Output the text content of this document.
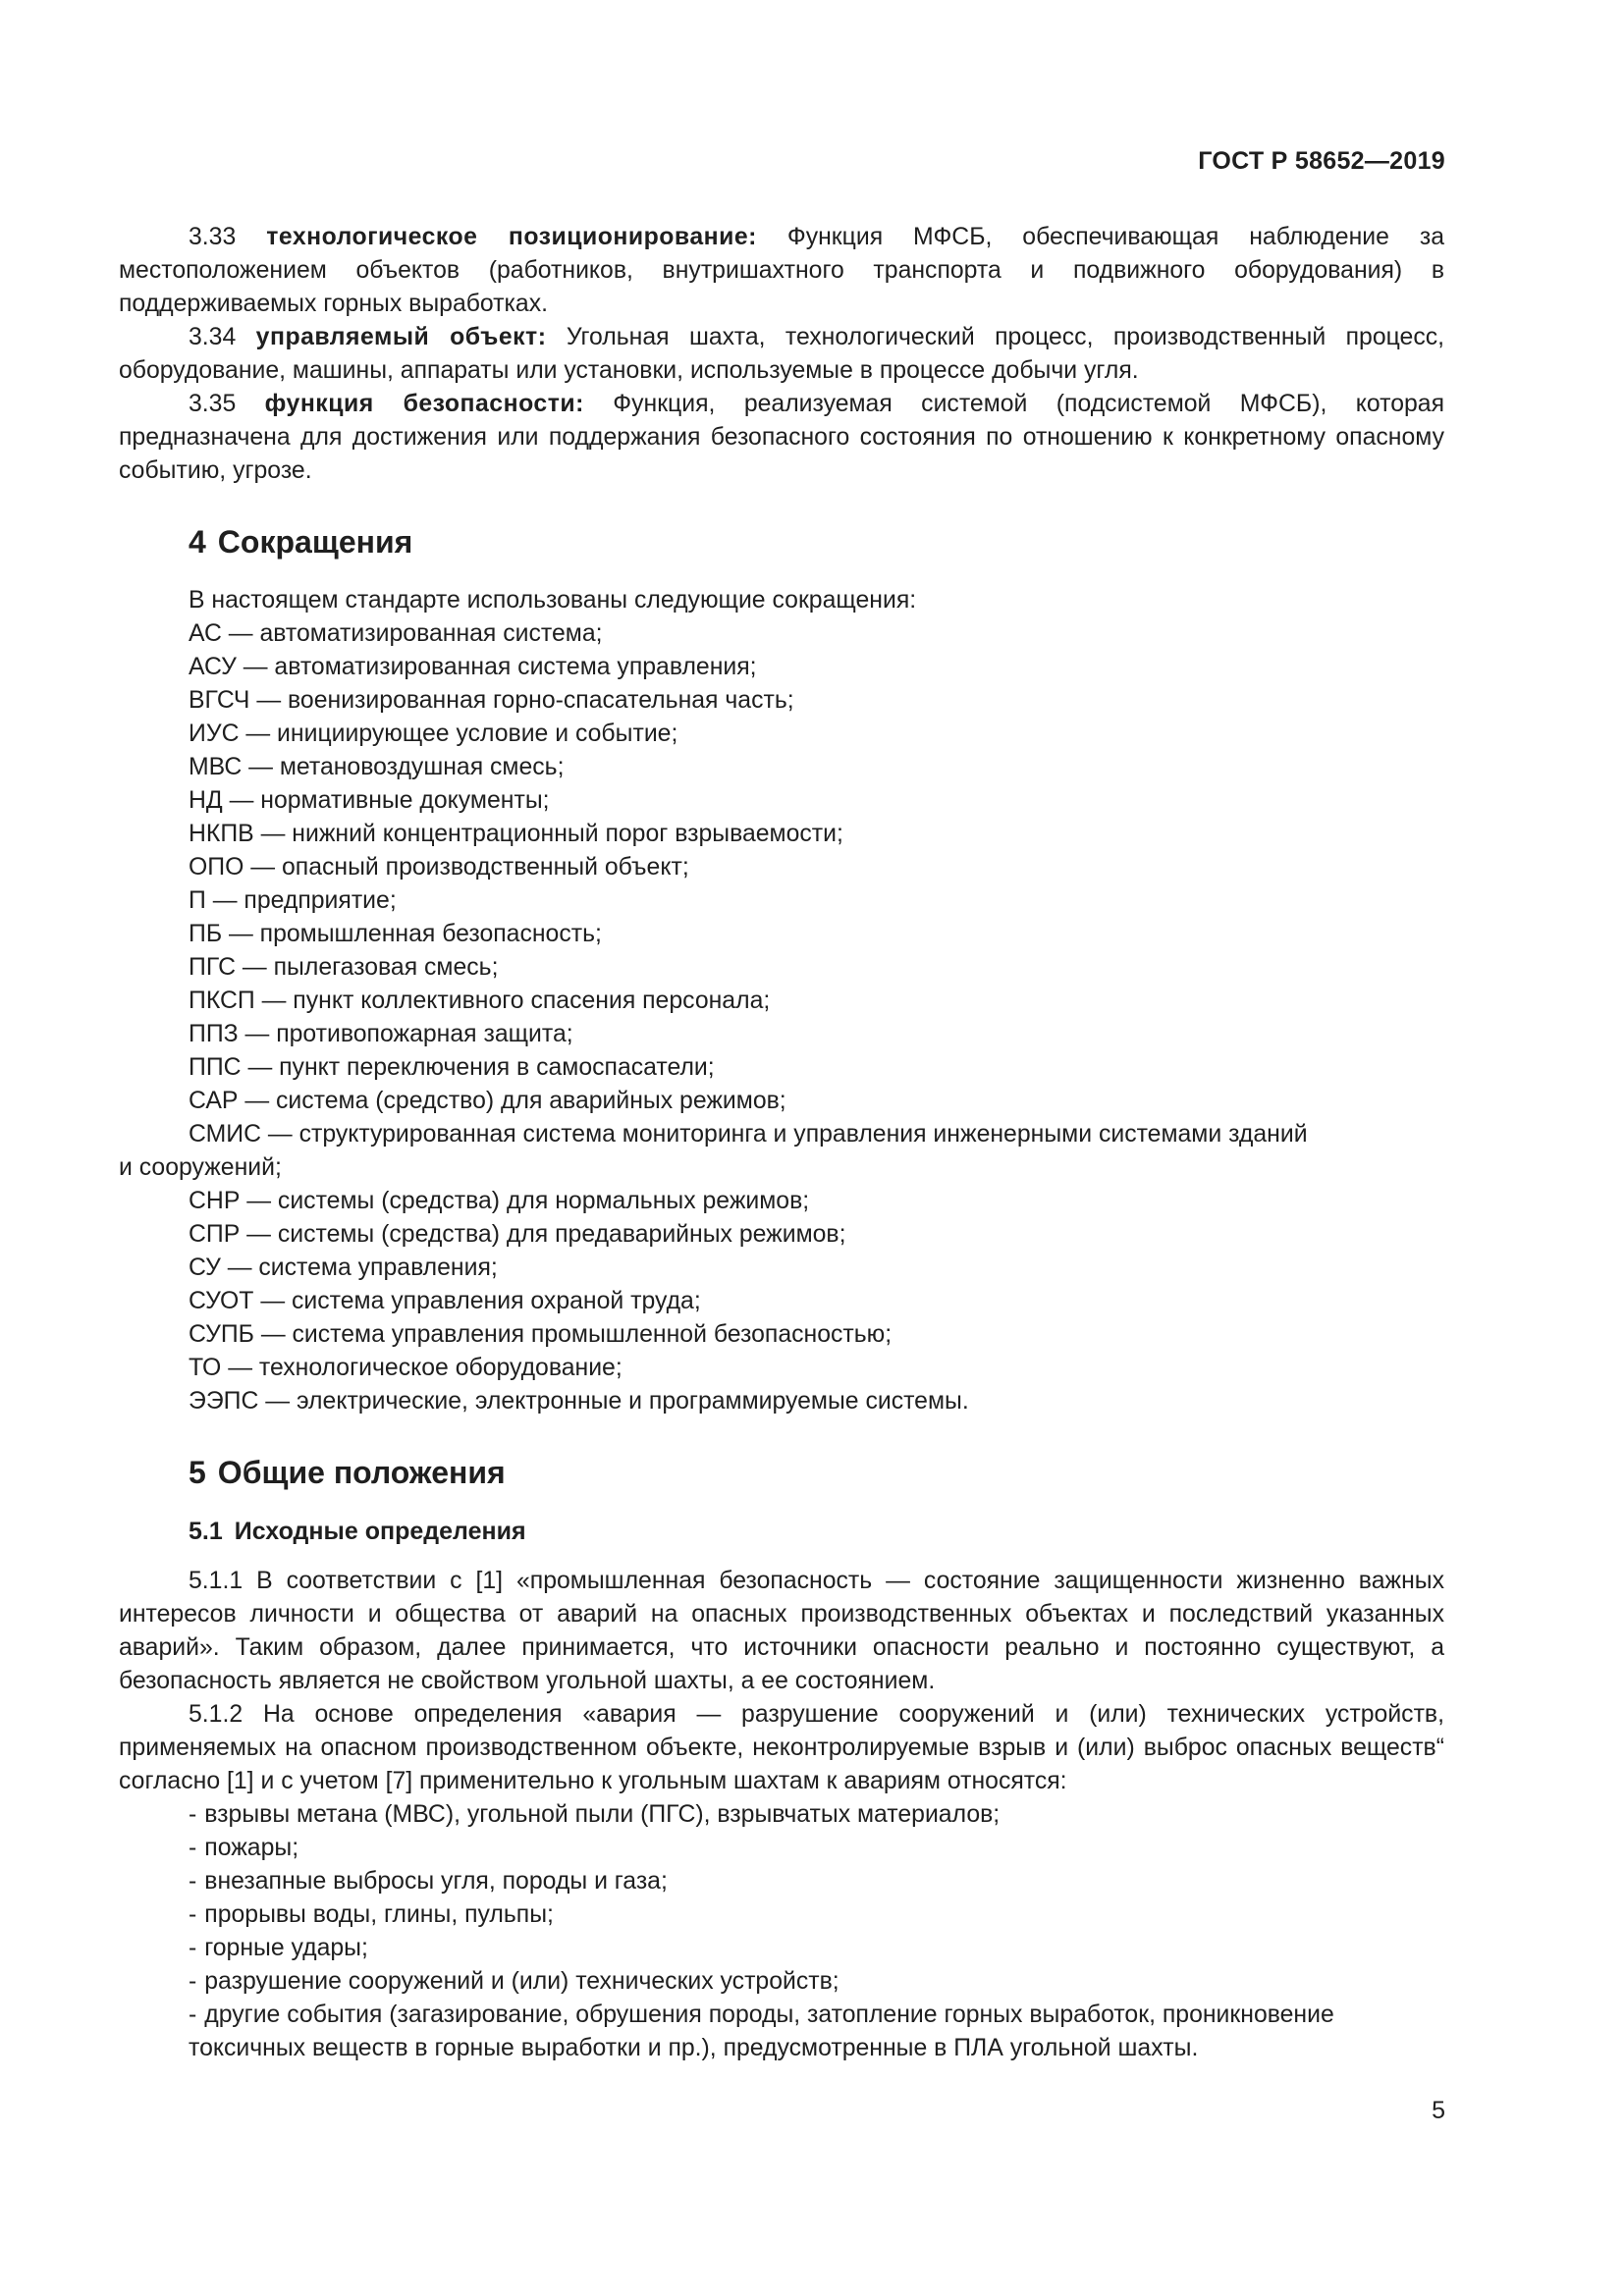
ГОСТ Р 58652—2019

3.33 технологическое позиционирование: Функция МФСБ, обеспечивающая наблюдение за местоположением объектов (работников, внутришахтного транспорта и подвижного оборудования) в поддерживаемых горных выработках.

3.34 управляемый объект: Угольная шахта, технологический процесс, производственный процесс, оборудование, машины, аппараты или установки, используемые в процессе добычи угля.

3.35 функция безопасности: Функция, реализуемая системой (подсистемой МФСБ), которая предназначена для достижения или поддержания безопасного состояния по отношению к конкретному опасному событию, угрозе.

4 Сокращения

В настоящем стандарте использованы следующие сокращения:

АС — автоматизированная система;

АСУ — автоматизированная система управления;

ВГСЧ — военизированная горно-спасательная часть;

ИУС — инициирующее условие и событие;

МВС — метановоздушная смесь;

НД — нормативные документы;

НКПВ — нижний концентрационный порог взрываемости;

ОПО — опасный производственный объект;

П — предприятие;

ПБ — промышленная безопасность;

ПГС — пылегазовая смесь;

ПКСП — пункт коллективного спасения персонала;

ППЗ — противопожарная защита;

ППС — пункт переключения в самоспасатели;

САР — система (средство) для аварийных режимов;

СМИС — структурированная система мониторинга и управления инженерными системами зданий

и сооружений;

СНР — системы (средства) для нормальных режимов;

СПР — системы (средства) для предаварийных режимов;

СУ — система управления;

СУОТ — система управления охраной труда;

СУПБ — система управления промышленной безопасностью;

ТО — технологическое оборудование;

ЭЭПС — электрические, электронные и программируемые системы.

5 Общие положения
5.1 Исходные определения

5.1.1 В соответствии с [1] «промышленная безопасность — состояние защищенности жизненно важных интересов личности и общества от аварий на опасных производственных объектах и последствий указанных аварий». Таким образом, далее принимается, что источники опасности реально и постоянно существуют, а безопасность является не свойством угольной шахты, а ее состоянием.

5.1.2 На основе определения «авария — разрушение сооружений и (или) технических устройств, применяемых на опасном производственном объекте, неконтролируемые взрыв и (или) выброс опасных веществ“ согласно [1] и с учетом [7] применительно к угольным шахтам к авариям относятся:

- взрывы метана (МВС), угольной пыли (ПГС), взрывчатых материалов;
- пожары;
- внезапные выбросы угля, породы и газа;
- прорывы воды, глины, пульпы;
- горные удары;
- разрушение сооружений и (или) технических устройств;
- другие события (загазирование, обрушения породы, затопление горных выработок, проникновение токсичных веществ в горные выработки и пр.), предусмотренные в ПЛА угольной шахты.
5
